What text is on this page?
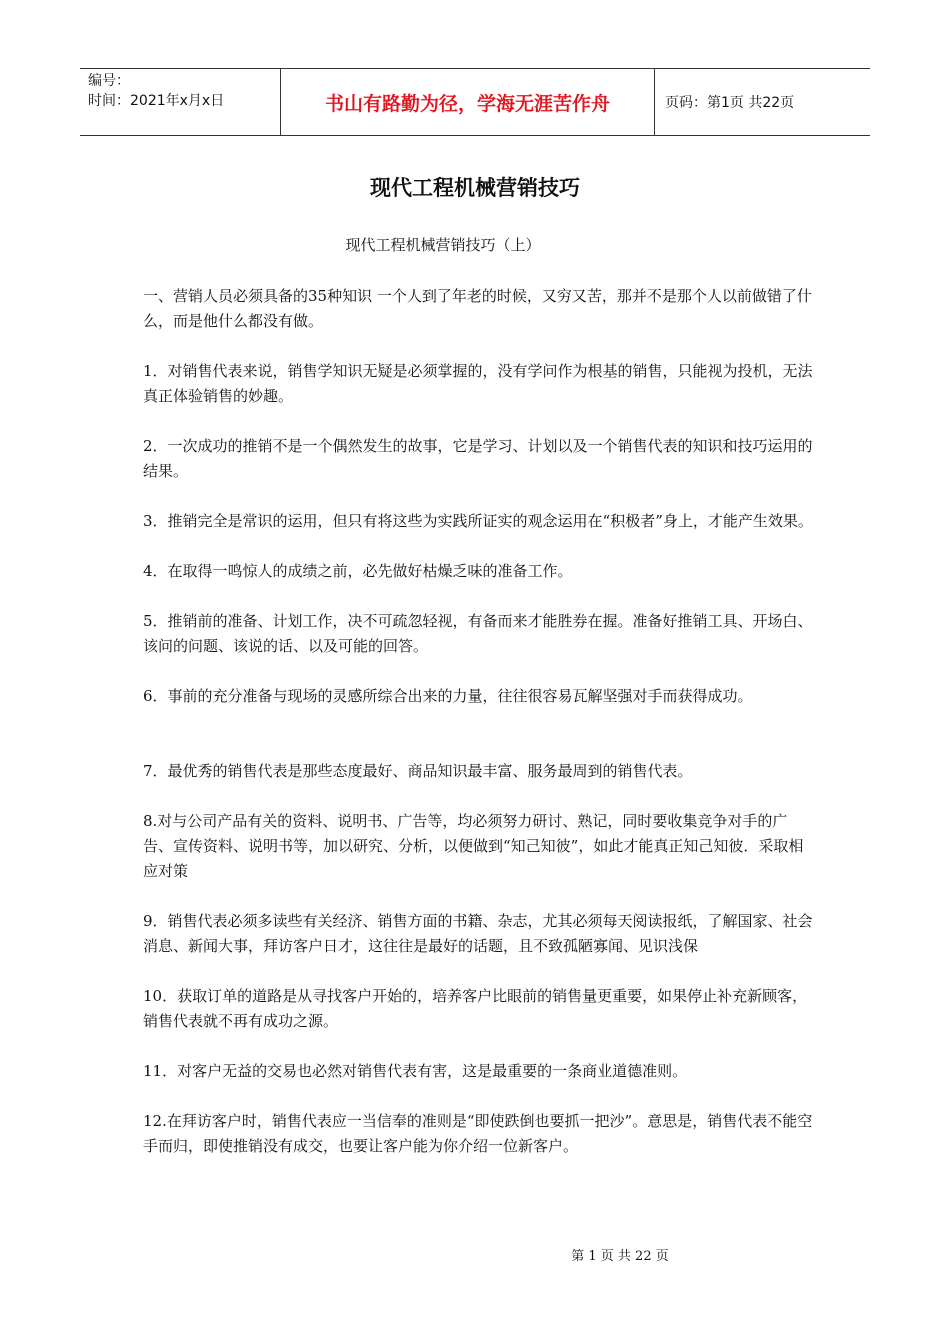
编号：
时间：2021年x月x日	书山有路勤为径，学海无涯苦作舟	页码：第1页 共22页
现代工程机械营销技巧
现代工程机械营销技巧（上）

一、营销人员必须具备的35种知识 一个人到了年老的时候，又穷又苦，那并不是那个人以前做错了什么，而是他什么都没有做。

1．对销售代表来说，销售学知识无疑是必须掌握的，没有学问作为根基的销售，只能视为投机，无法真正体验销售的妙趣。

2．一次成功的推销不是一个偶然发生的故事，它是学习、计划以及一个销售代表的知识和技巧运用的结果。

3．推销完全是常识的运用，但只有将这些为实践所证实的观念运用在“积极者”身上，才能产生效果。

4．在取得一鸣惊人的成绩之前，必先做好枯燥乏味的准备工作。

5．推销前的准备、计划工作，决不可疏忽轻视，有备而来才能胜券在握。准备好推销工具、开场白、该问的问题、该说的话、以及可能的回答。

6．事前的充分准备与现场的灵感所综合出来的力量，往往很容易瓦解坚强对手而获得成功。

7．最优秀的销售代表是那些态度最好、商品知识最丰富、服务最周到的销售代表。

8.对与公司产品有关的资料、说明书、广告等，均必须努力研讨、熟记，同时要收集竞争对手的广告、宣传资料、说明书等，加以研究、分析，以便做到“知己知彼”，如此才能真正知己知彼．采取相应对策

9．销售代表必须多读些有关经济、销售方面的书籍、杂志，尤其必须每天阅读报纸，了解国家、社会消息、新闻大事，拜访客户日才，这往往是最好的话题，且不致孤陋寡闻、见识浅保

10．获取订单的道路是从寻找客户开始的，培养客户比眼前的销售量更重要，如果停止补充新顾客，销售代表就不再有成功之源。

11．对客户无益的交易也必然对销售代表有害，这是最重要的一条商业道德准则。

12.在拜访客户时，销售代表应一当信奉的准则是“即使跌倒也要抓一把沙”。意思是，销售代表不能空手而归，即使推销没有成交，也要让客户能为你介绍一位新客户。

第 1 页 共 22 页
